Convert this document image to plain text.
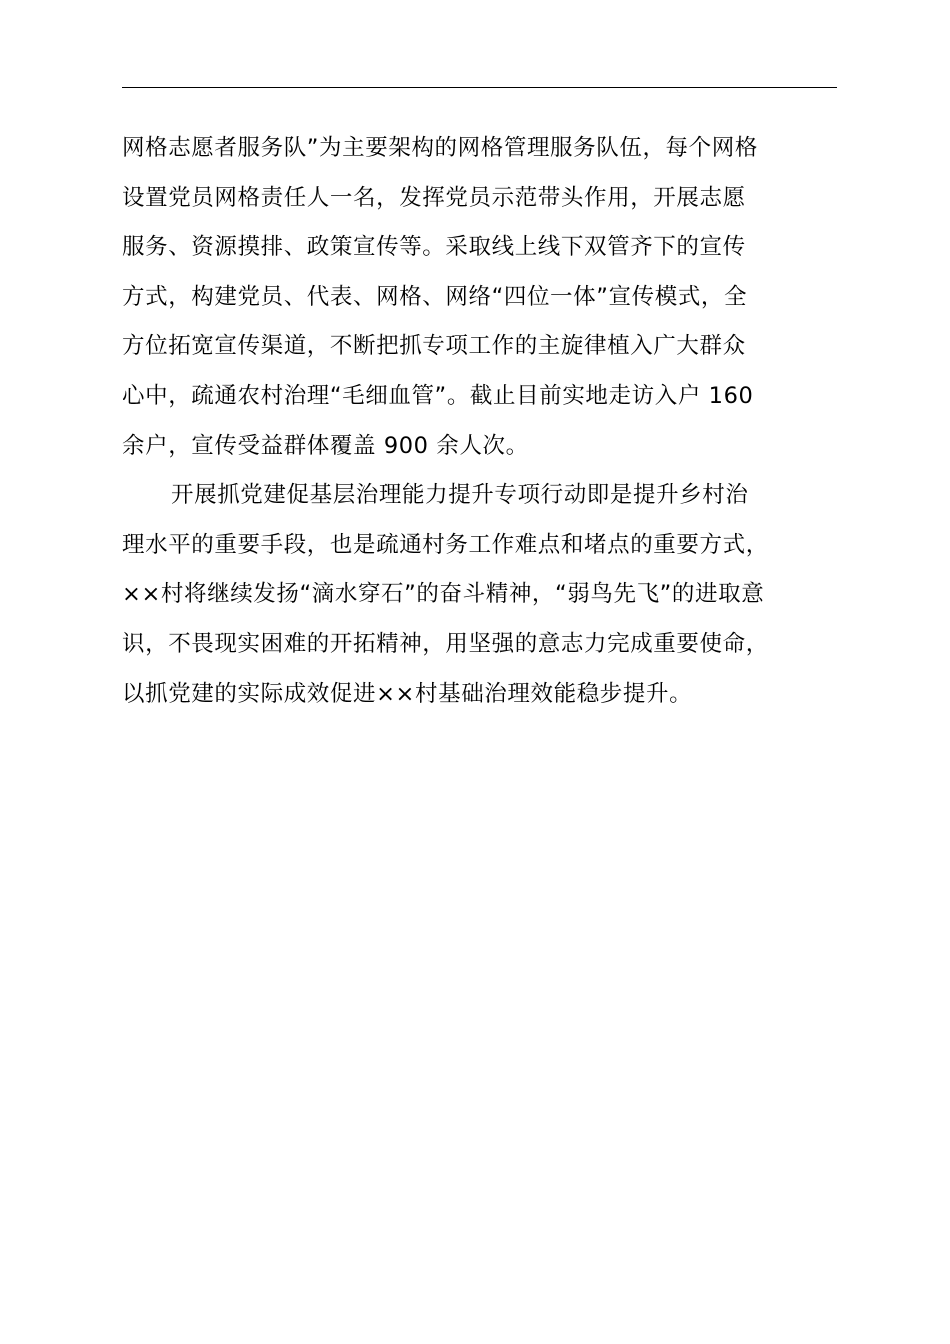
网格志愿者服务队”为主要架构的网格管理服务队伍，每个网格
设置党员网格责任人一名，发挥党员示范带头作用，开展志愿
服务、资源摸排、政策宣传等。采取线上线下双管齐下的宣传
方式，构建党员、代表、网格、网络“四位一体”宣传模式，全
方位拓宽宣传渠道，不断把抓专项工作的主旋律植入广大群众
心中，疏通农村治理“毛细血管”。截止目前实地走访入户 160
余户，宣传受益群体覆盖 900 余人次。
开展抓党建促基层治理能力提升专项行动即是提升乡村治
理水平的重要手段，也是疏通村务工作难点和堵点的重要方式，
××村将继续发扬“滴水穿石”的奋斗精神，“弱鸟先飞”的进取意
识，不畏现实困难的开拓精神，用坚强的意志力完成重要使命，
以抓党建的实际成效促进××村基础治理效能稳步提升。
